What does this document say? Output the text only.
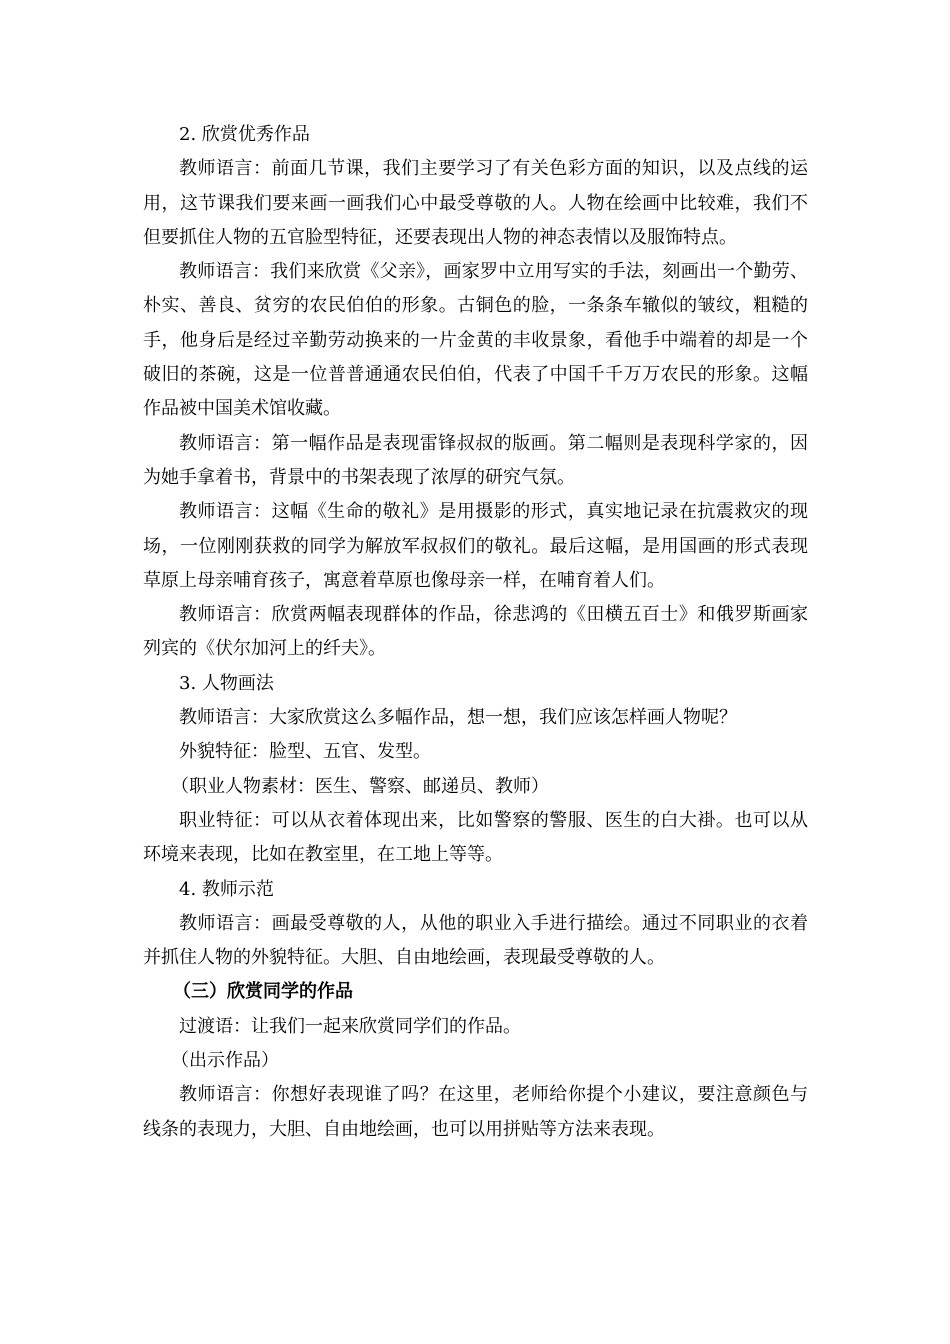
2. 欣赏优秀作品

教师语言：前面几节课，我们主要学习了有关色彩方面的知识，以及点线的运用，这节课我们要来画一画我们心中最受尊敬的人。人物在绘画中比较难，我们不但要抓住人物的五官脸型特征，还要表现出人物的神态表情以及服饰特点。

教师语言：我们来欣赏《父亲》，画家罗中立用写实的手法，刻画出一个勤劳、朴实、善良、贫穷的农民伯伯的形象。古铜色的脸，一条条车辙似的皱纹，粗糙的手，他身后是经过辛勤劳动换来的一片金黄的丰收景象，看他手中端着的却是一个破旧的茶碗，这是一位普普通通农民伯伯，代表了中国千千万万农民的形象。这幅作品被中国美术馆收藏。

教师语言：第一幅作品是表现雷锋叔叔的版画。第二幅则是表现科学家的，因为她手拿着书，背景中的书架表现了浓厚的研究气氛。

教师语言：这幅《生命的敬礼》是用摄影的形式，真实地记录在抗震救灾的现场，一位刚刚获救的同学为解放军叔叔们的敬礼。最后这幅，是用国画的形式表现草原上母亲哺育孩子，寓意着草原也像母亲一样，在哺育着人们。

教师语言：欣赏两幅表现群体的作品，徐悲鸿的《田横五百士》和俄罗斯画家列宾的《伏尔加河上的纤夫》。

3. 人物画法

教师语言：大家欣赏这么多幅作品，想一想，我们应该怎样画人物呢？

外貌特征：脸型、五官、发型。

（职业人物素材：医生、警察、邮递员、教师）

职业特征：可以从衣着体现出来，比如警察的警服、医生的白大褂。也可以从环境来表现，比如在教室里，在工地上等等。

4. 教师示范

教师语言：画最受尊敬的人，从他的职业入手进行描绘。通过不同职业的衣着并抓住人物的外貌特征。大胆、自由地绘画，表现最受尊敬的人。

（三）欣赏同学的作品

过渡语：让我们一起来欣赏同学们的作品。

（出示作品）

教师语言：你想好表现谁了吗？在这里，老师给你提个小建议，要注意颜色与线条的表现力，大胆、自由地绘画，也可以用拼贴等方法来表现。
